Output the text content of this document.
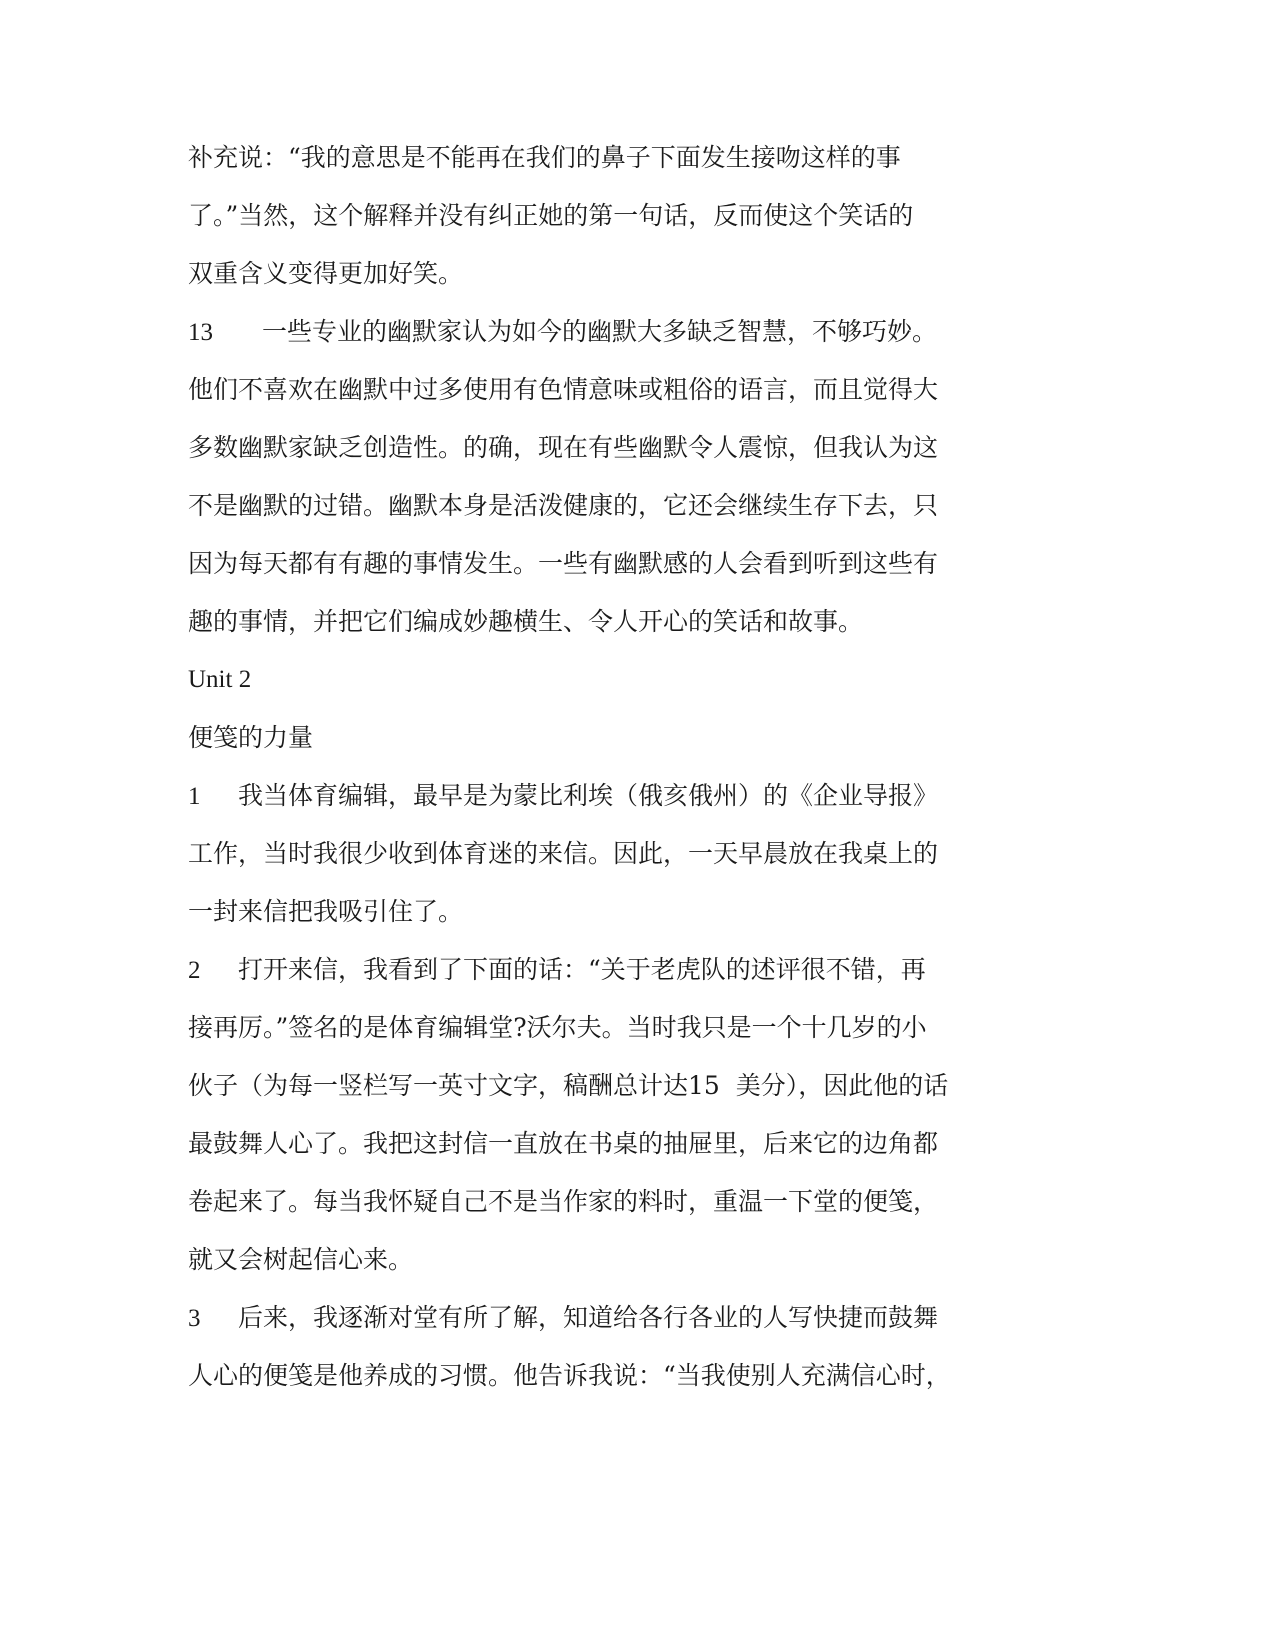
补充说：“我的意思是不能再在我们的鼻子下面发生接吻这样的事

了。”当然，这个解释并没有纠正她的第一句话，反而使这个笑话的

双重含义变得更加好笑。

13 一些专业的幽默家认为如今的幽默大多缺乏智慧，不够巧妙。

他们不喜欢在幽默中过多使用有色情意味或粗俗的语言，而且觉得大

多数幽默家缺乏创造性。的确，现在有些幽默令人震惊，但我认为这

不是幽默的过错。幽默本身是活泼健康的，它还会继续生存下去，只

因为每天都有有趣的事情发生。一些有幽默感的人会看到听到这些有

趣的事情，并把它们编成妙趣横生、令人开心的笑话和故事。

Unit 2

便笺的力量

1 我当体育编辑，最早是为蒙比利埃（俄亥俄州）的《企业导报》

工作，当时我很少收到体育迷的来信。因此，一天早晨放在我桌上的

一封来信把我吸引住了。

2 打开来信，我看到了下面的话：“关于老虎队的述评很不错，再

接再厉。”签名的是体育编辑堂?沃尔夫。当时我只是一个十几岁的小

伙子（为每一竖栏写一英寸文字，稿酬总计达15  美分），因此他的话

最鼓舞人心了。我把这封信一直放在书桌的抽屉里，后来它的边角都

卷起来了。每当我怀疑自己不是当作家的料时，重温一下堂的便笺，

就又会树起信心来。

3 后来，我逐渐对堂有所了解，知道给各行各业的人写快捷而鼓舞

人心的便笺是他养成的习惯。他告诉我说：“当我使别人充满信心时，
